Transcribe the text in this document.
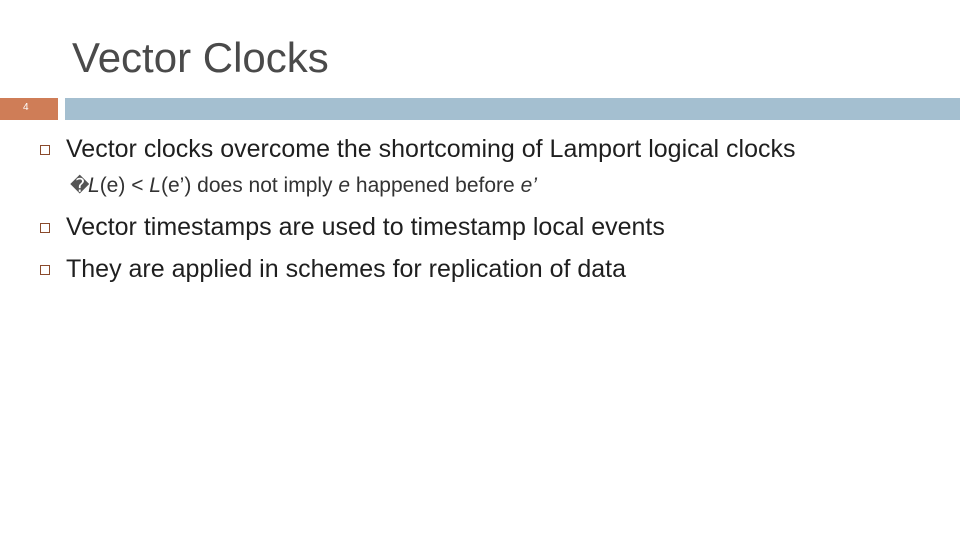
Vector Clocks
4
Vector clocks overcome the shortcoming of Lamport logical clocks
�
L(e) < L(e’) does not imply e happened before e’
Vector timestamps are used to timestamp local events
They are applied in schemes for replication of data
